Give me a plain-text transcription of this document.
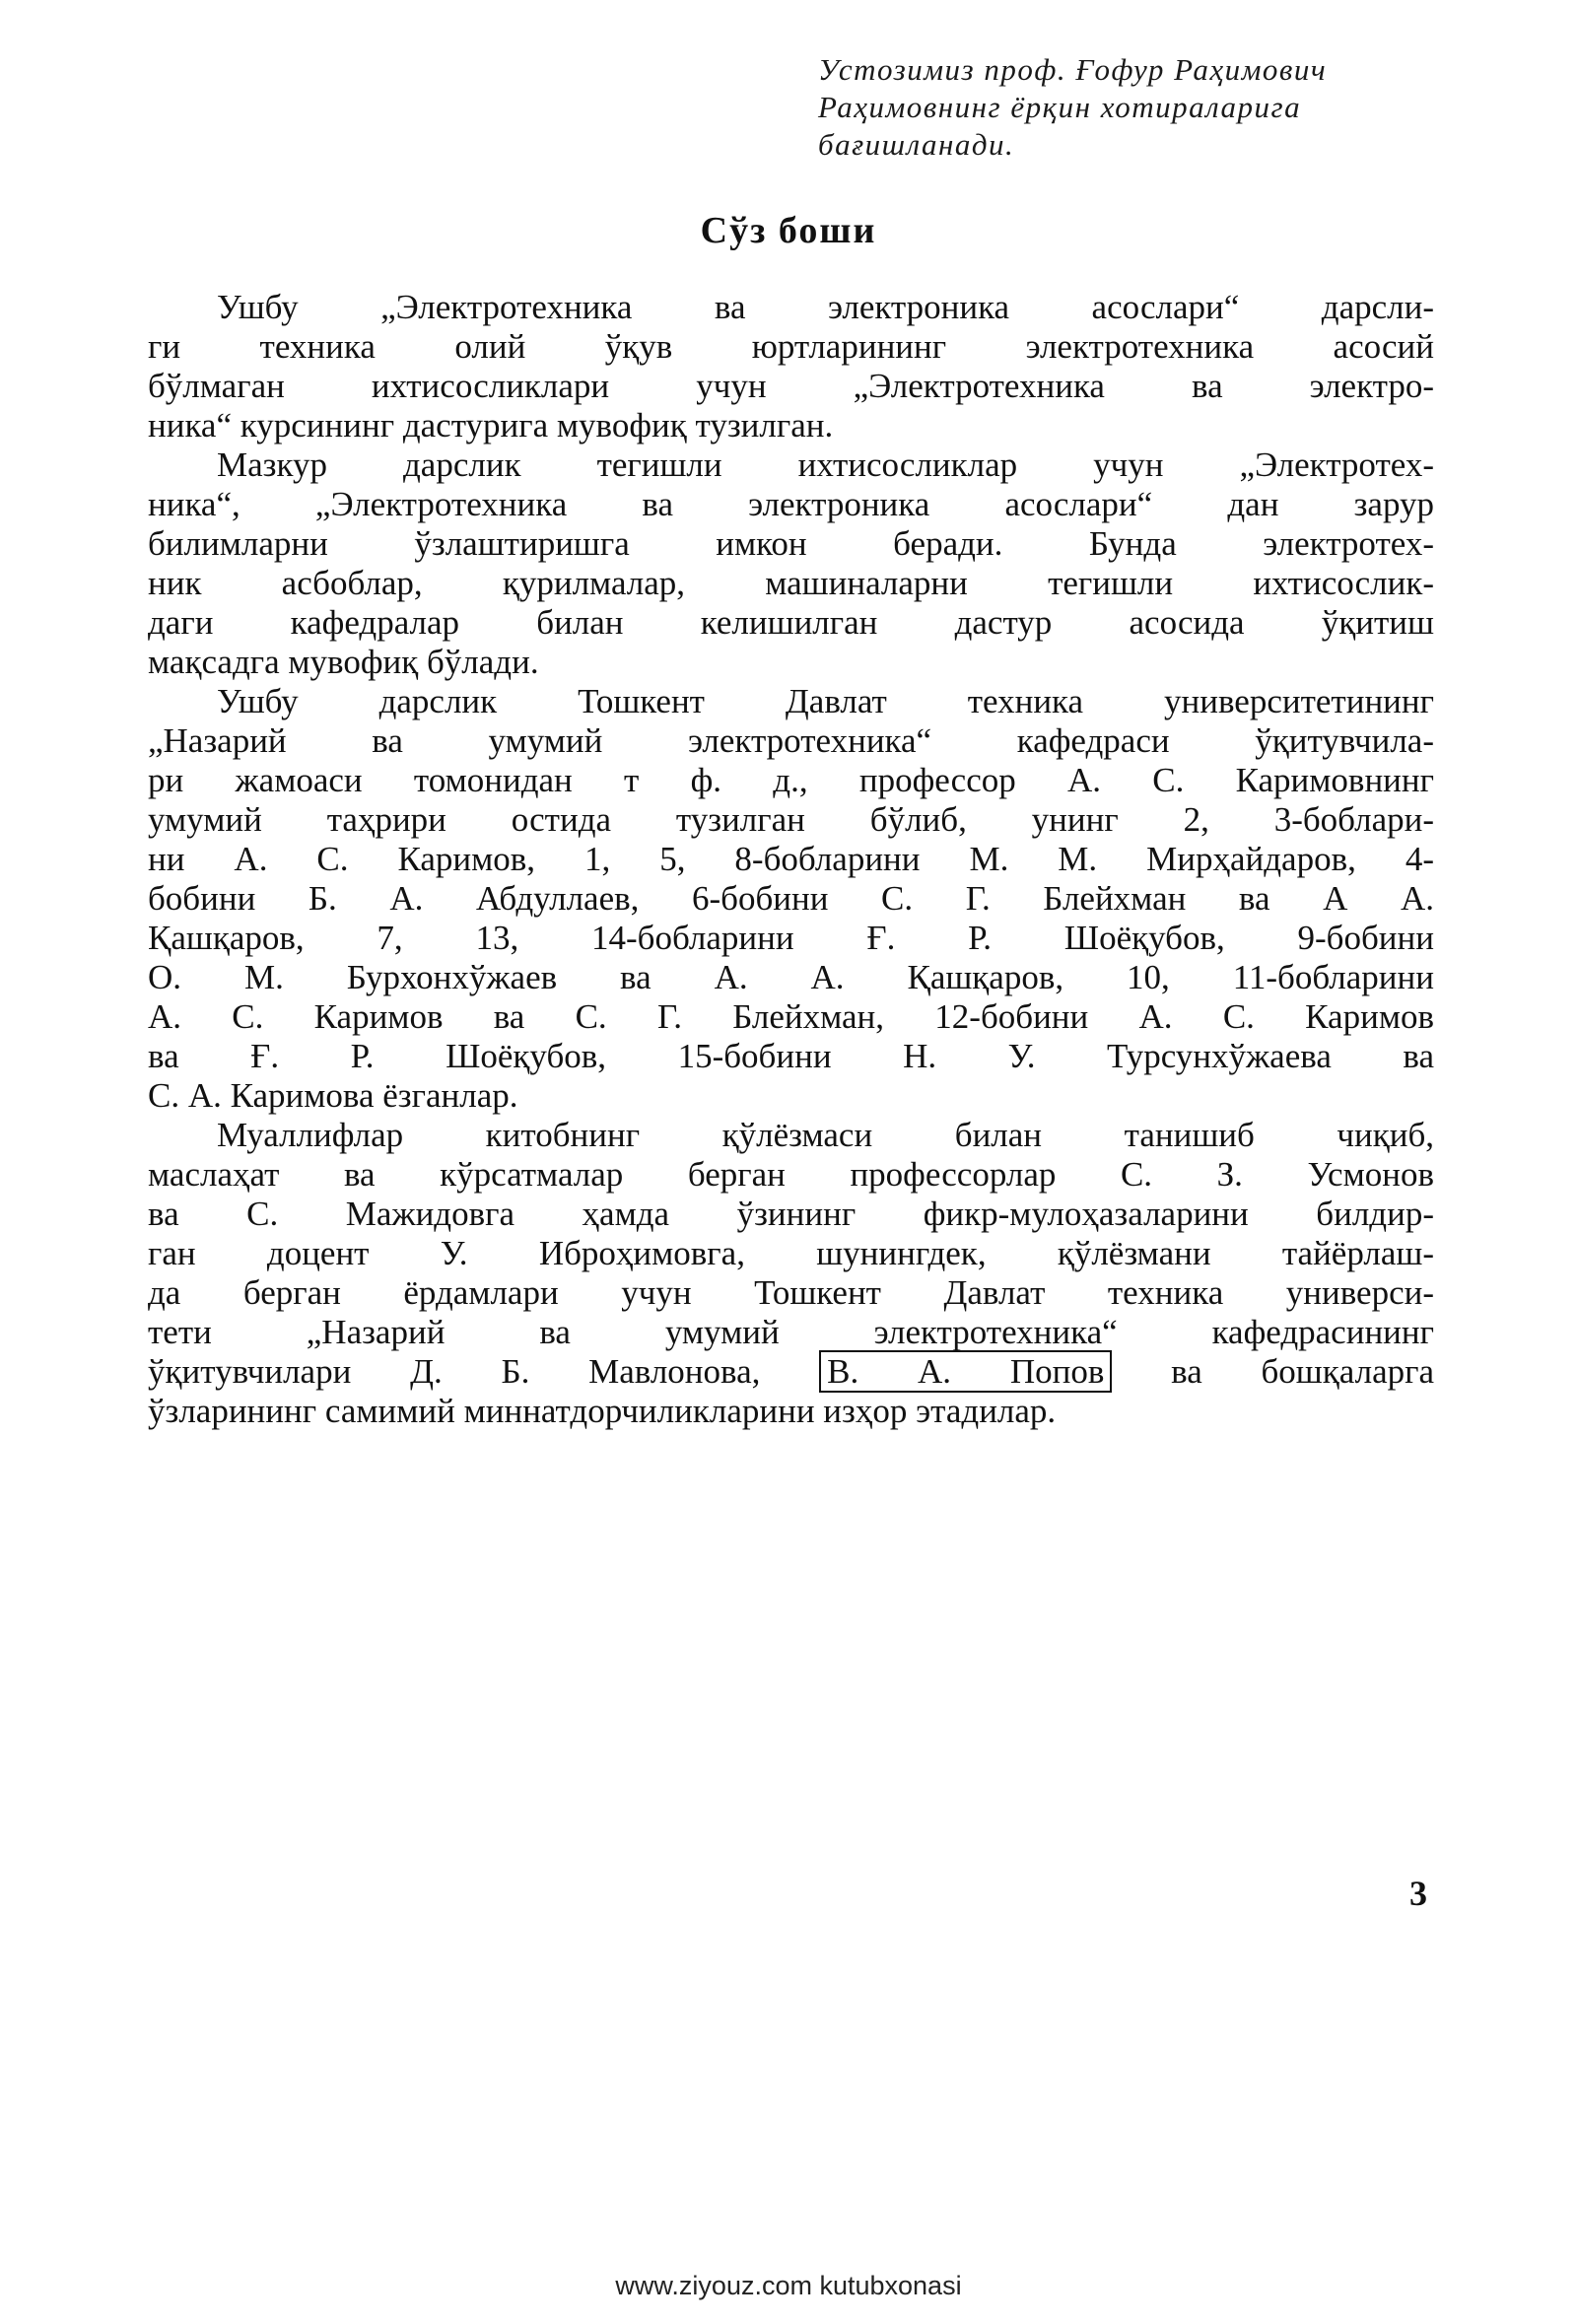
Устозимиз проф. Ғофур Раҳимович
Раҳимовнинг ёрқин хотираларига
бағишланади.
Сўз боши
Ушбу „Электротехника ва электроника асослари“ дарсли-
ги техника олий ўқув юртларининг электротехника асосий
бўлмаган ихтисосликлари учун „Электротехника ва электро-
ника“ курсининг дастурига мувофиқ тузилган.
Мазкур дарслик тегишли ихтисосликлар учун „Электротех-
ника“, „Электротехника ва электроника асослари“ дан зарур
билимларни ўзлаштиришга имкон беради. Бунда электротех-
ник асбоблар, қурилмалар, машиналарни тегишли ихтисослик-
даги кафедралар билан келишилган дастур асосида ўқитиш
мақсадга мувофиқ бўлади.
Ушбу дарслик Тошкент Давлат техника университетининг
„Назарий ва умумий электротехника“ кафедраси ўқитувчила-
ри жамоаси томонидан т ф. д., профессор А. С. Каримовнинг
умумий таҳрири остида тузилган бўлиб, унинг 2, 3-боблари-
ни А. С. Каримов, 1, 5, 8-бобларини М. М. Мирҳайдаров, 4-
бобини Б. А. Абдуллаев, 6-бобини С. Г. Блейхман ва А А.
Қашқаров, 7, 13, 14-бобларини Ғ. Р. Шоёқубов, 9-бобини
О. М. Бурхонхўжаев ва А. А. Қашқаров, 10, 11-бобларини
А. С. Каримов ва С. Г. Блейхман, 12-бобини А. С. Каримов
ва Ғ. Р. Шоёқубов, 15-бобини Н. У. Турсунхўжаева ва
С. А. Каримова ёзганлар.
Муаллифлар китобнинг қўлёзмаси билан танишиб чиқиб,
маслаҳат ва кўрсатмалар берган профессорлар С. З. Усмонов
ва С. Мажидовга ҳамда ўзининг фикр-мулоҳазаларини билдир-
ган доцент У. Иброҳимовга, шунингдек, қўлёзмани тайёрлаш-
да берган ёрдамлари учун Тошкент Давлат техника универси-
тети „Назарий ва умумий электротехника“ кафедрасининг
ўқитувчилари Д. Б. Мавлонова, В. А. Попов ва бошқаларга
ўзларининг самимий миннатдорчиликларини изҳор этадилар.
3
www.ziyouz.com kutubxonasi
